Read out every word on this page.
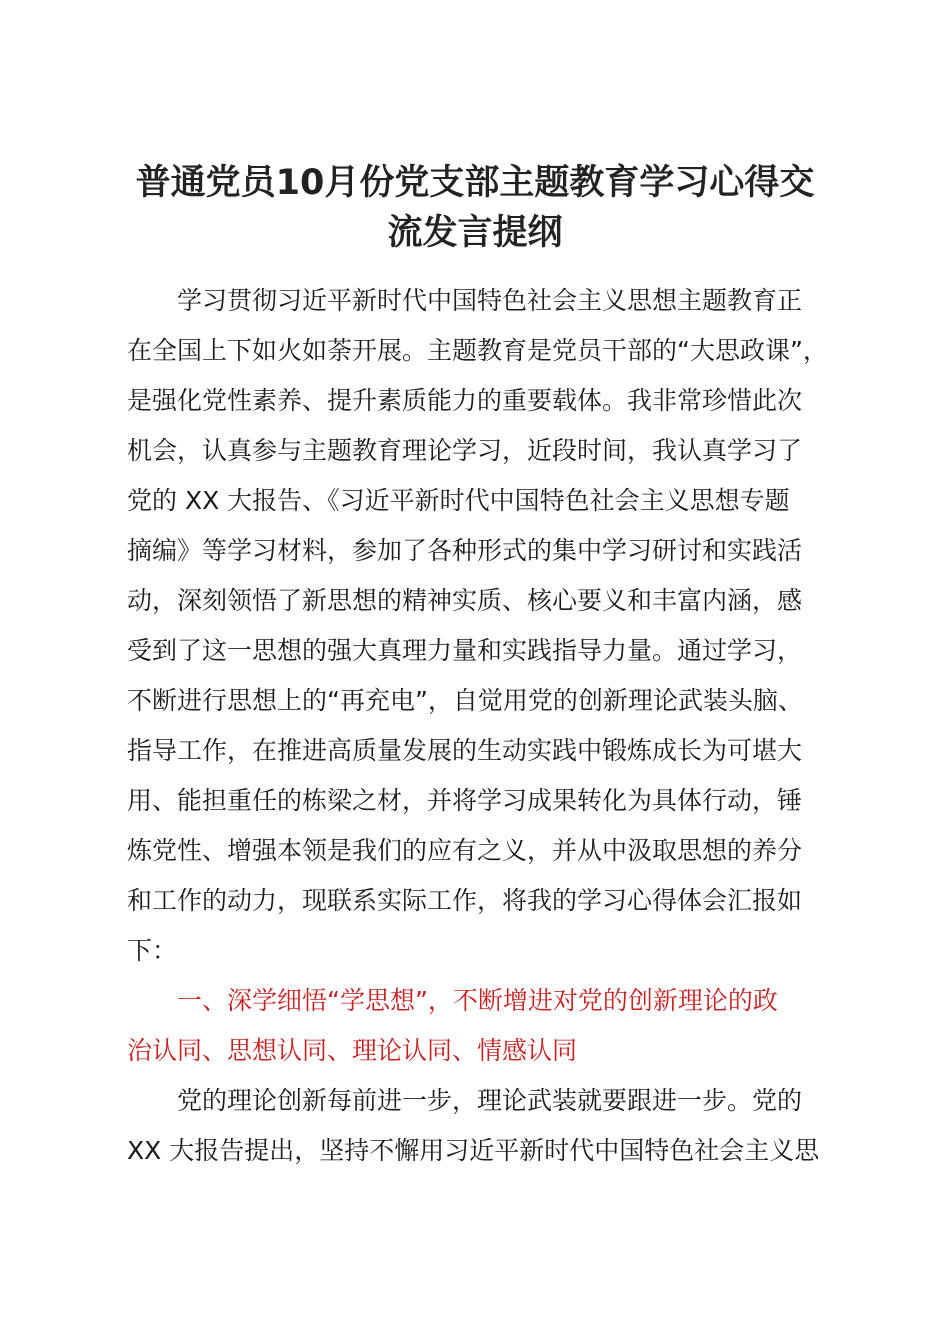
普通党员10月份党支部主题教育学习心得交
流发言提纲
学习贯彻习近平新时代中国特色社会主义思想主题教育正
在全国上下如火如荼开展。主题教育是党员干部的“大思政课”，
是强化党性素养、提升素质能力的重要载体。我非常珍惜此次
机会，认真参与主题教育理论学习，近段时间，我认真学习了
党的 XX 大报告、《习近平新时代中国特色社会主义思想专题
摘编》等学习材料，参加了各种形式的集中学习研讨和实践活
动，深刻领悟了新思想的精神实质、核心要义和丰富内涵，感
受到了这一思想的强大真理力量和实践指导力量。通过学习，
不断进行思想上的“再充电”，自觉用党的创新理论武装头脑、
指导工作，在推进高质量发展的生动实践中锻炼成长为可堪大
用、能担重任的栋梁之材，并将学习成果转化为具体行动，锤
炼党性、增强本领是我们的应有之义，并从中汲取思想的养分
和工作的动力，现联系实际工作，将我的学习心得体会汇报如
下：
一、深学细悟“学思想”，不断增进对党的创新理论的政
治认同、思想认同、理论认同、情感认同
党的理论创新每前进一步，理论武装就要跟进一步。党的
XX 大报告提出，坚持不懈用习近平新时代中国特色社会主义思
